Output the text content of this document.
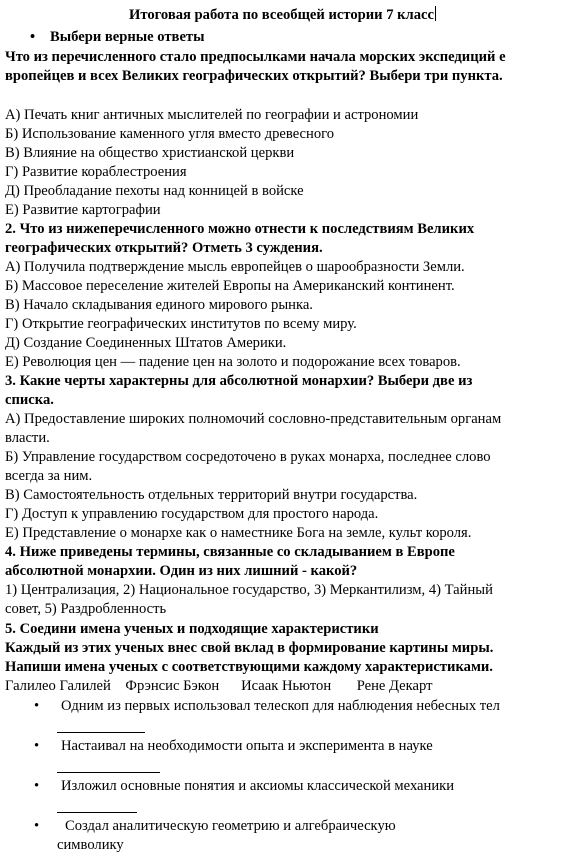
Итоговая работа по всеобщей истории 7 класс
• Выбери верные ответы
Что из перечисленного стало предпосылками начала морских экспедиций е
вропейцев и всех Великих географических открытий? Выбери три пункта.
А) Печать книг античных мыслителей по географии и астрономии
Б) Использование каменного угля вместо древесного
В) Влияние на общество христианской церкви
Г) Развитие кораблестроения
Д) Преобладание пехоты над конницей в войске
Е) Развитие картографии
2. Что из нижеперечисленного можно отнести к последствиям Великих
географических открытий? Отметь 3 суждения.
А) Получила подтверждение мысль европейцев о шарообразности Земли.
Б) Массовое переселение жителей Европы на Американский континент.
В) Начало складывания единого мирового рынка.
Г) Открытие географических институтов по всему миру.
Д) Создание Соединенных Штатов Америки.
Е) Революция цен — падение цен на золото и подорожание всех товаров.
3. Какие черты характерны для абсолютной монархии? Выбери две из
списка.
А) Предоставление широких полномочий сословно-представительным органам
власти.
Б) Управление государством сосредоточено в руках монарха, последнее слово
всегда за ним.
В) Самостоятельность отдельных территорий внутри государства.
Г) Доступ к управлению государством для простого народа.
Е) Представление о монархе как о наместнике Бога на земле, культ короля.
4. Ниже приведены термины, связанные со складыванием в Европе
абсолютной монархии. Один из них лишний - какой?
1) Централизация, 2) Национальное государство, 3) Меркантилизм, 4) Тайный
совет, 5) Раздробленность
5. Соедини имена ученых и подходящие характеристики
Каждый из этих ученых внес свой вклад в формирование картины миры.
Напиши имена ученых с соответствующими каждому характеристиками.
Галилео Галилей    Фрэнсис Бэкон      Исаак Ньютон       Рене Декарт
• Одним из первых использовал телескоп для наблюдения небесных тел
• Настаивал на необходимости опыта и эксперимента в науке
• Изложил основные понятия и аксиомы классической механики
• Создал аналитическую геометрию и алгебраическую
символику
